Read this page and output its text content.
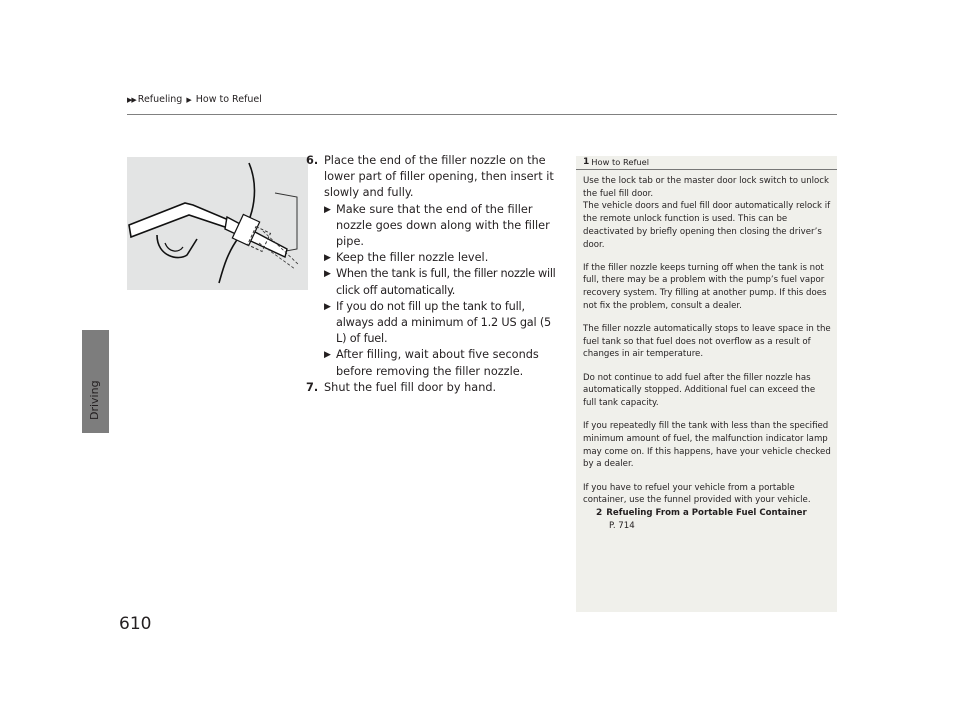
▶▶ Refueling ▶ How to Refuel
Driving
610
6. Place the end of the filler nozzle on the lower part of filler opening, then insert it slowly and fully.
▶ Make sure that the end of the filler nozzle goes down along with the filler pipe.
▶ Keep the filler nozzle level.
▶ When the tank is full, the filler nozzle will click off automatically.
▶ If you do not fill up the tank to full, always add a minimum of 1.2 US gal (5 L) of fuel.
▶ After filling, wait about five seconds before removing the filler nozzle.
7. Shut the fuel fill door by hand.
1 How to Refuel

Use the lock tab or the master door lock switch to unlock the fuel fill door.
The vehicle doors and fuel fill door automatically relock if the remote unlock function is used. This can be deactivated by briefly opening then closing the driver’s door.

If the filler nozzle keeps turning off when the tank is not full, there may be a problem with the pump’s fuel vapor recovery system. Try filling at another pump. If this does not fix the problem, consult a dealer.

The filler nozzle automatically stops to leave space in the fuel tank so that fuel does not overflow as a result of changes in air temperature.

Do not continue to add fuel after the filler nozzle has automatically stopped. Additional fuel can exceed the full tank capacity.

If you repeatedly fill the tank with less than the specified minimum amount of fuel, the malfunction indicator lamp may come on. If this happens, have your vehicle checked by a dealer.

If you have to refuel your vehicle from a portable container, use the funnel provided with your vehicle.

2 Refueling From a Portable Fuel Container
P. 714
